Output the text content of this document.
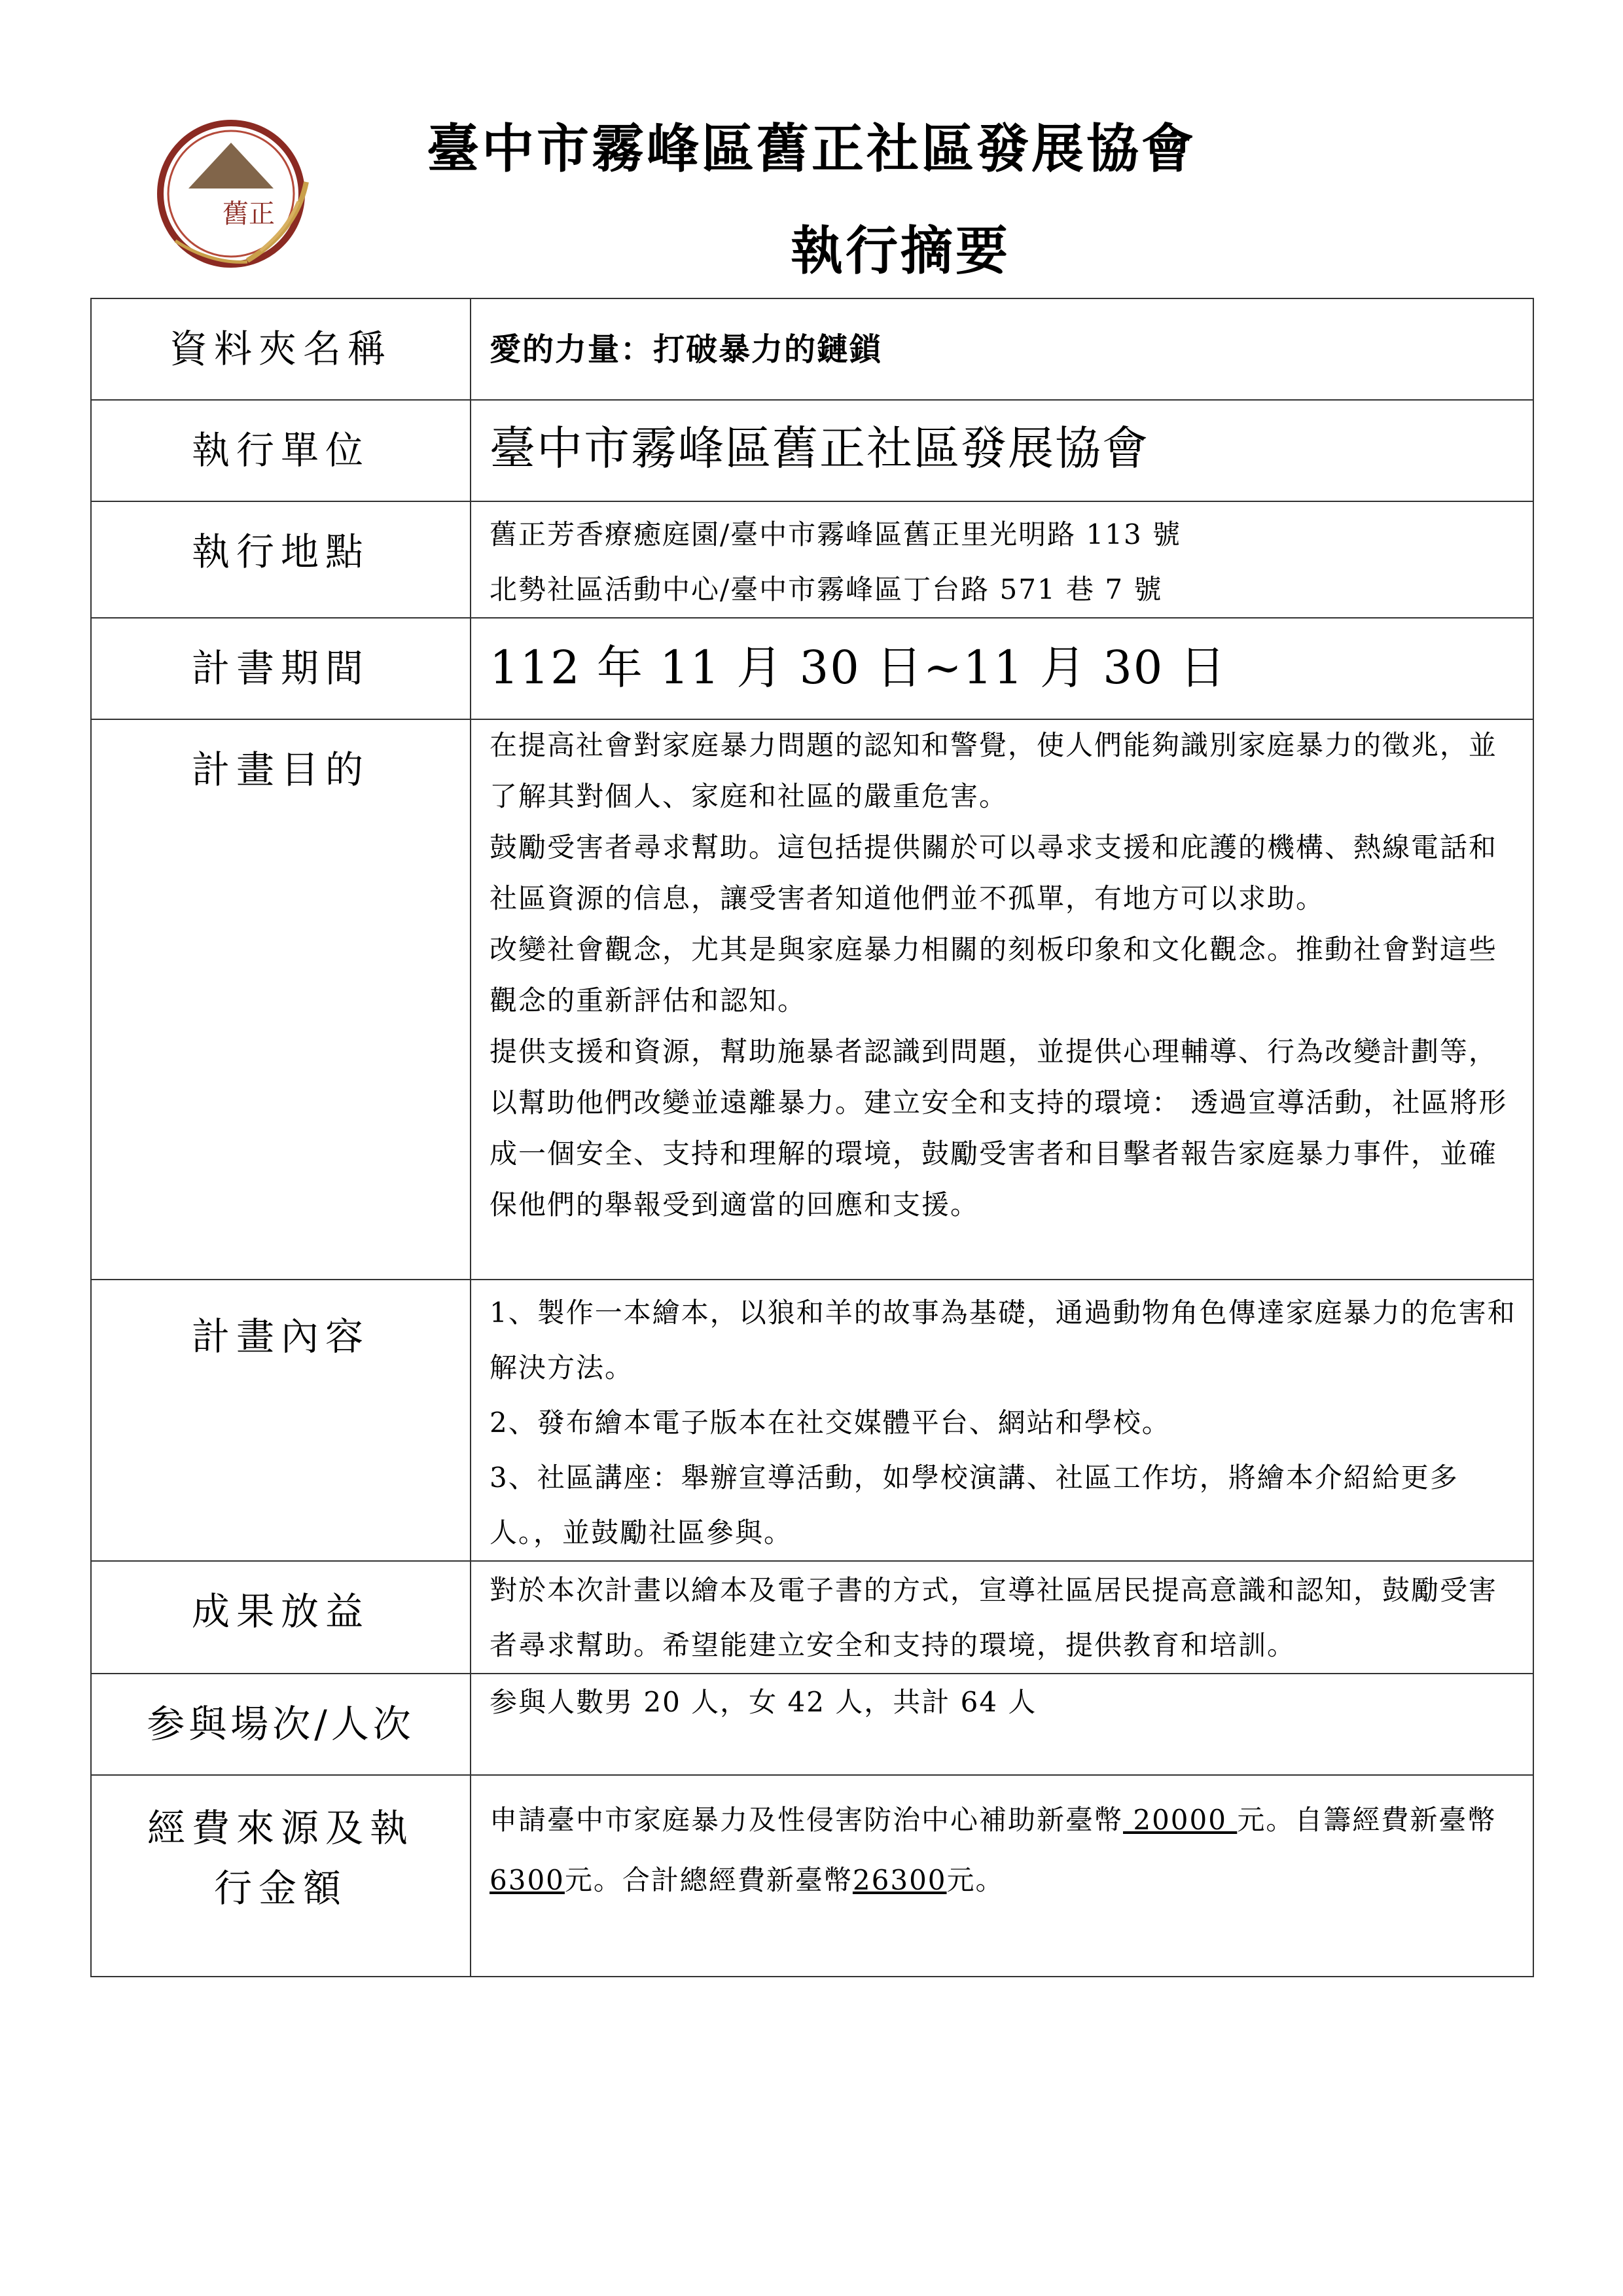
舊正
臺中市霧峰區舊正社區發展協會
執行摘要
資料夾名稱	愛的力量：打破暴力的鏈鎖
執行單位	臺中市霧峰區舊正社區發展協會
執行地點	舊正芳香療癒庭園/臺中市霧峰區舊正里光明路 113 號
北勢社區活動中心/臺中市霧峰區丁台路 571 巷 7 號

計書期間	112 年 11 月 30 日~11 月 30 日
計畫目的	在提高社會對家庭暴力問題的認知和警覺，使人們能夠識別家庭暴力的徵兆，並了解其對個人、家庭和社區的嚴重危害。
鼓勵受害者尋求幫助。這包括提供關於可以尋求支援和庇護的機構、熱線電話和社區資源的信息，讓受害者知道他們並不孤單，有地方可以求助。
改變社會觀念，尤其是與家庭暴力相關的刻板印象和文化觀念。推動社會對這些觀念的重新評估和認知。
提供支援和資源，幫助施暴者認識到問題，並提供心理輔導、行為改變計劃等，以幫助他們改變並遠離暴力。建立安全和支持的環境： 透過宣導活動，社區將形成一個安全、支持和理解的環境，鼓勵受害者和目擊者報告家庭暴力事件，並確保他們的舉報受到適當的回應和支援。

計畫內容	1、製作一本繪本，以狼和羊的故事為基礎，通過動物角色傳達家庭暴力的危害和解決方法。
2、發布繪本電子版本在社交媒體平台、網站和學校。
3、社區講座：舉辦宣導活動，如學校演講、社區工作坊，將繪本介紹給更多人。，並鼓勵社區參與。

成果放益	對於本次計畫以繪本及電子書的方式，宣導社區居民提高意識和認知，鼓勵受害者尋求幫助。希望能建立安全和支持的環境，提供教育和培訓。
参與場次/人次	参與人數男 20 人，女 42 人，共計 64 人

經費來源及執
行金額	申請臺中市家庭暴力及性侵害防治中心補助新臺幣 20000 元。自籌經費新臺幣6300元。合計總經費新臺幣26300元。
